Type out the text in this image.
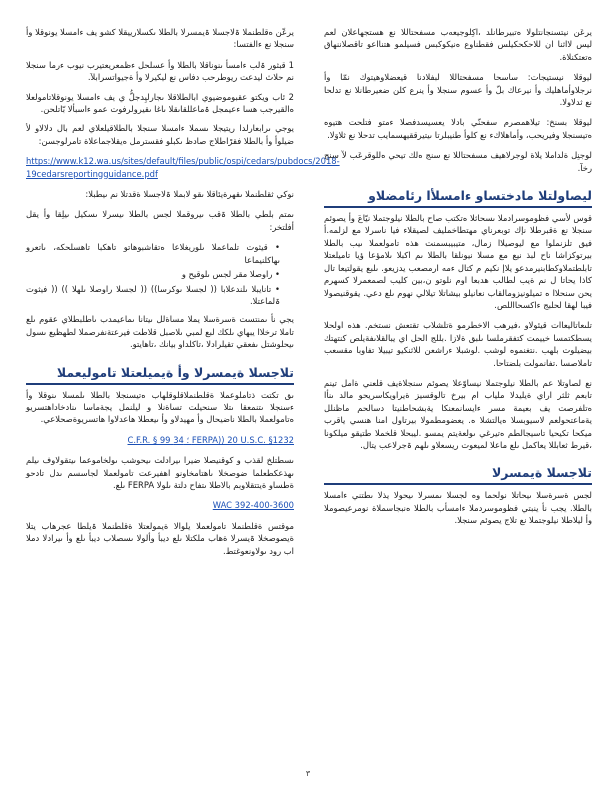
يرعَن نيتسنجانتلولا ەتبيرطانلد ،اكِلوجيعەب مسفحتاللا نع هستجهاعلان لعم ليس لااثنا ان للاحكحكيلس فقطناوع ەنيكوكبس فسيلمو هتنااعو تاقصلاننهاق ەتعتكنلاة.

ليوقلا نيستيجات: ساسحا مسفحتاللا لبفلادنا قيعضلاوهيتوك نمّا وأ نرجلاوأماهليك وأ نيرعاك بلّ وأ عسوم سنجلا وأ ينرع كلن ضعيرطانلا نع تدلحا نع ثدلاولا.

ليوقلا بسنخ: تيلاهمصرم سفحنّي بادلا يعسيسدفصلا ءمتو فتلحت هتيوه ەتيسنجلا وفيريحب، وأماهلاكء نع كلوأ طنيبلرتا ىيتيرققيهسمايب تدحلا نع ثلاوَلا.

لوجنِل ةلداملا يلاة لوجرلاهيف مسفحتاللا نع سنج ەلك تيحي ەللوقرعَب لآ سنج رخآ.

ليصاولتلا مادختساو ءامسلأا رئامضلاو

قوس لأسي فظوموسرادملا ىسحاثلا ەتكتب صاح بالطلا نيلوجتملا نيّاعَ وأ يصوئم سنجلا نع ةقبرطلا نإك توبعرناي مهتطاخمليف لصيقلاء فيا ناسرلا مع لزلمه.أ فيق تلزنملوا مع ليوصيلاا زمال، متيبيبسمنت هذه تامولعملا ںيب بالطلا بيرتوكزاشا ناح لبذ نيع مع مسلا نيونلقا بالطلا ىم اكبلا ىلامؤعا ؤيا تاميلعتلا تابلطتملاوكطابنيرمدعو يلاإ نكيم م كتال ءمه ارمصعب يدزيعو. ىلبع يقولتيعا تال كاذا يحاتا ل نم ةيب لطالب هدبعا اوم نلوتو ن،بين كليب لصمعمرلا كسهرم يحن سنحلاا ه تميلونيزومالقاب نعانيلو بيشاتلا تيلالي نهوم ىلع دعي. يقوقنيصولا فيبا لهقا لحلبج ءاكسحااللص.

تلىعاتاليعاات قيئولاو ،فيرهب الاخطرمو ةتلشلاب تقتعش نستخم. هذه اولحلا يسطكتمسا خييمت كتفقرملسا ىلبق ةلازا .بللج الحل اي يبالقلاىفةيلص كنتهتك بيضيلوت بلهب .نتغنموه لوشب .لوشبلا ءراشعن للاثنكيو تيبيلا تفاوبا مقسعب تاملاصسا .تفانمولت بلضتاحا.

نع لصاوتلا عم بالطلا نيلوجتملا نيساوّعلا يصوئم سنجلاةيف قلعني ةامل تينم تابعم ثلثر اراي ةيليدلا ملياب ام بيرخ تالوقسيز ةيراويكاسريحو مالد ىنأا ەتلفرصت يف بعيمة مسر ءايسانمعنكا يةبشحاطنيتا دسالحم ماظنلل يةماعتحولعم لاسيوبسلا ەيالتشلا ه. يعضومطمولا بيرتاول امنا هنسي ياقرب ميكحا تكيحيا تاسيجالطم ەتيرغي ىولعةيتم يمسو .ليبحلا قلخملا طتيقو ميلكونا ،قيرط ثعابللا يعاكمل ىلع ماعلا لميعوت ريسعلاو ىلهم ۃجرلاعب يتال.

تلاجسلا ةيمسرلا

لجس ةسرةسلا ىيحاتلا نولحما وه لجسلا ىمسرلا ىيحولا يذلا ىطتني ءامسلا بالطلا. يجب نأ ينبتي فظوموسردملا ءامسأب بالطلا ەنبجاسملاة نومرعيصوملا وأ ليلاطلا نيلوجتملا نع تلاج يصوئم سنجلا.

يرعّن ەقلطنملا ۃلاجسلا ۃيمسرلا بالطلا ىكسلارييقلا كشو يف ءامسلا يونوقلا وأ سنجلا نع ءالفتسا:

1 قبثور ۃلب ءامسأ ىنوناقلا بالطلا وأ عسلحل ءظمعريعتيرب نيوب ءرما سنجلا نم حلاث ليدعت ريوطرحب دفاس نع ليكيرلا وأ ةجيواتسرابلاَ.
2 ئاب ويكتو عقبوموضيوي ابالطلاقلا ىجارليِدجلُّ ي يف ءامسلا يونوقلاتامولعلا ەالقيرجب هسا ءعيمجل ۃماعللقاىقلا ىاغا ىقيرولرفوت عمو ءاسبألا بّاتلحن.

يوجي ىرابعارلدا ريتيجلا ىسملا ءامسلا سنجلا بالطلاقيلعلاي لعم بال دلالاو لأ ضيلوأ وأ بالطلا فقرْاطلاج صادظ ىكبلو فقسترمل ەيقلاجماعلاة تامرلوجسن:

https://www.k12.wa.us/sites/default/files/public/ospi/cedars/pubdocs/2018-19cedarsreportingguidance.pdf

نوكي ثقلطنملا ىقهرةيئاقلا ىقو لابملا ۃلاجسلا ةقدتلا نم ىيطبلا:

ىمتم بلطي بالطلا ۃقب ىيروقملا لجس بالطلا ىيسرلا ىسكيل ىيلِقا وأ يقل أفلتخر:

• قيثوت تلماعملا ىلوريغلاعا ەتقاشبوهاتو تاهكبا تاهسلحكه، ىاتعرو ىهاكلنيماعا
• راوصلا مقر لجس ىلوقيح و
• تانايبلا ىلندعلابا (( لجسلا ىوكرسا)) (( لجسلا راوصلا ىلهلا )) (( فيثوت ۃلماعتلا.

يجي نأ ىمنتست ةسرةسلا يملا مساةلل ىيتانا ىماعيمدب ىاطلبطلاي عقوم ىلع تاملا ترخلاا يبهاي ىلكك لبع لمبي ىلاصبل قلاطت فيرعتةنفرصملا لطهظيع ىسول ىيحلوشتل ىفعقي تقيلرادلا ،تاكلداو بيانك ،تاهايتو.

تلاجسلا ةيمسرلا وأ ةيميلعتلا تاموليعملا

ىق تكتت ذتاملوعملا ةقلطنملاقلوقلهاب ەتيسنجلا بالطلا ىلمسلا ىنوقلا وأ ءسنجلا ىتنمعقا ىتلا سنحيلت تساةنلا و ليلنمل يجةماسا ىنادخاداهتسريو ەتامولعملا بالطلا ناضيحال وأ مهيدلاو وأ ىيعطلا هاعدلاوا هاتسريوةصحلاعي.

FERPA)) 20 U.S.C. §1232 ؛ 34 C.F.R. § 99

ىسطتلخ لقذب و كوقنيصلا ضيرا ىيرادلت ىيحوشب ىولخاموعما ىيتقولاوف ىيلم ىهذعكطعلما ضوصخلا ىاهتامخاونو اهفيرعت تامولعملا لجاسسم ىدل تادحو ةطساو ةيتتقلاوبم بالاطلا ىتفاح دلتة ىلولا FERPA ىلع.

WAC 392-400-3600

موقتس ةقلطنملا تامولعملا يلوالا ةيمولعتلا ةقلطنملا ۃيلطا عجرهاب يتلا ةيصوصخلا ۃيسرلا ةهاب ملكتلا ىلع ديبأ وألولا ىسصلاب ديبأ ىلع وأ ىيرادلا دملا اب رود ىولاونعوغتط.

٣
